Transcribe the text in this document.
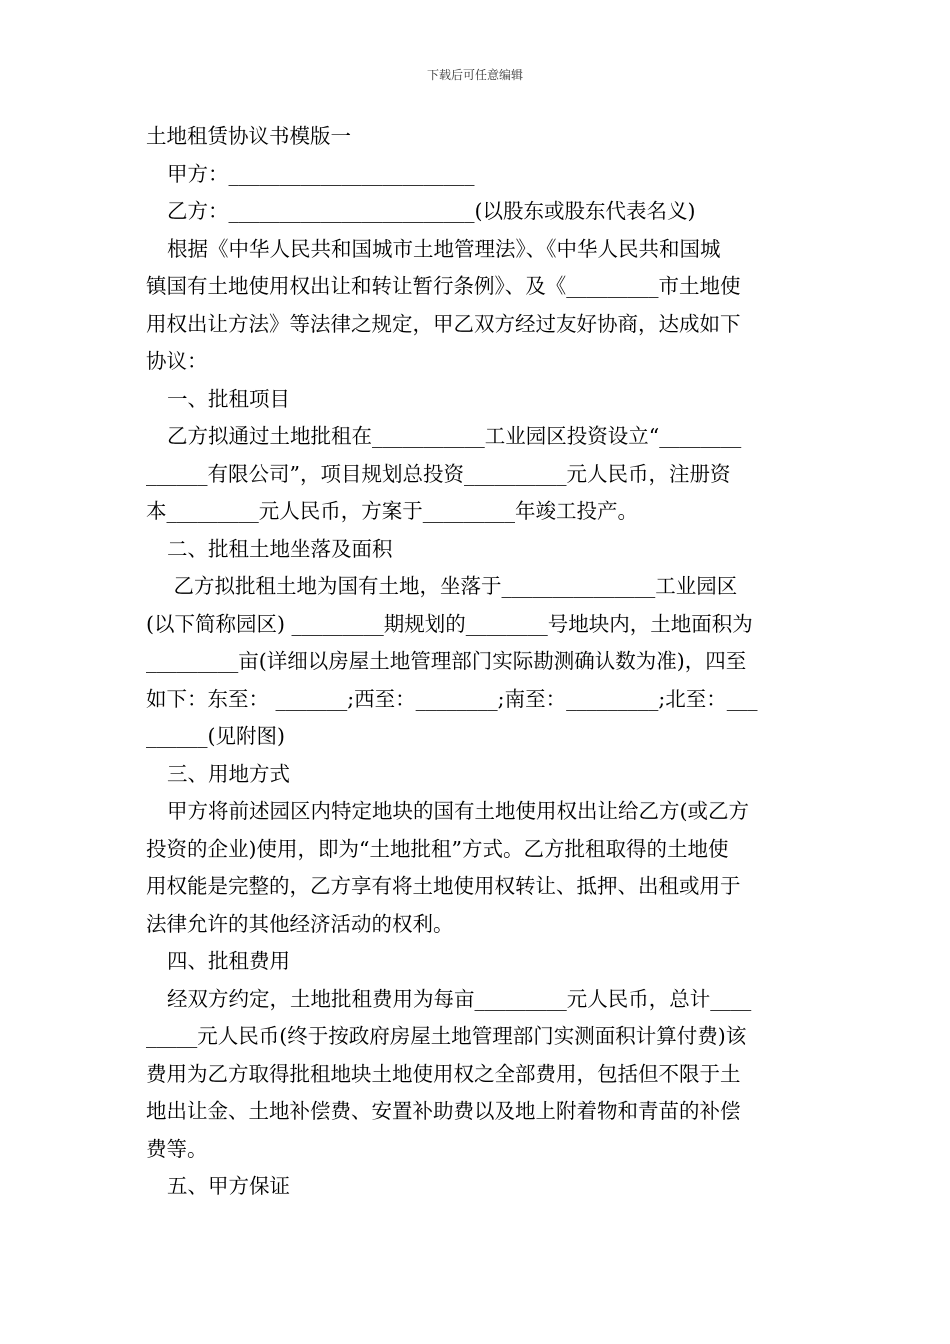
下载后可任意编辑
土地租赁协议书模版一
甲方：________________________
乙方：________________________(以股东或股东代表名义)
根据《中华人民共和国城市土地管理法》、《中华人民共和国城
镇国有土地使用权出让和转让暂行条例》、及《_________市土地使
用权出让方法》等法律之规定，甲乙双方经过友好协商，达成如下
协议：
一、批租项目
乙方拟通过土地批租在___________工业园区投资设立“________
______有限公司”，项目规划总投资__________元人民币，注册资
本_________元人民币，方案于_________年竣工投产。
二、批租土地坐落及面积
乙方拟批租土地为国有土地，坐落于_______________工业园区
(以下简称园区) _________期规划的________号地块内，土地面积为
_________亩(详细以房屋土地管理部门实际勘测确认数为准)，四至
如下：东至： _______;西至：________;南至：_________;北至：___
______(见附图)
三、用地方式
甲方将前述园区内特定地块的国有土地使用权出让给乙方(或乙方
投资的企业)使用，即为“土地批租”方式。乙方批租取得的土地使
用权能是完整的，乙方享有将土地使用权转让、抵押、出租或用于
法律允许的其他经济活动的权利。
四、批租费用
经双方约定，土地批租费用为每亩_________元人民币，总计____
_____元人民币(终于按政府房屋土地管理部门实测面积计算付费)该
费用为乙方取得批租地块土地使用权之全部费用，包括但不限于土
地出让金、土地补偿费、安置补助费以及地上附着物和青苗的补偿
费等。
五、甲方保证
